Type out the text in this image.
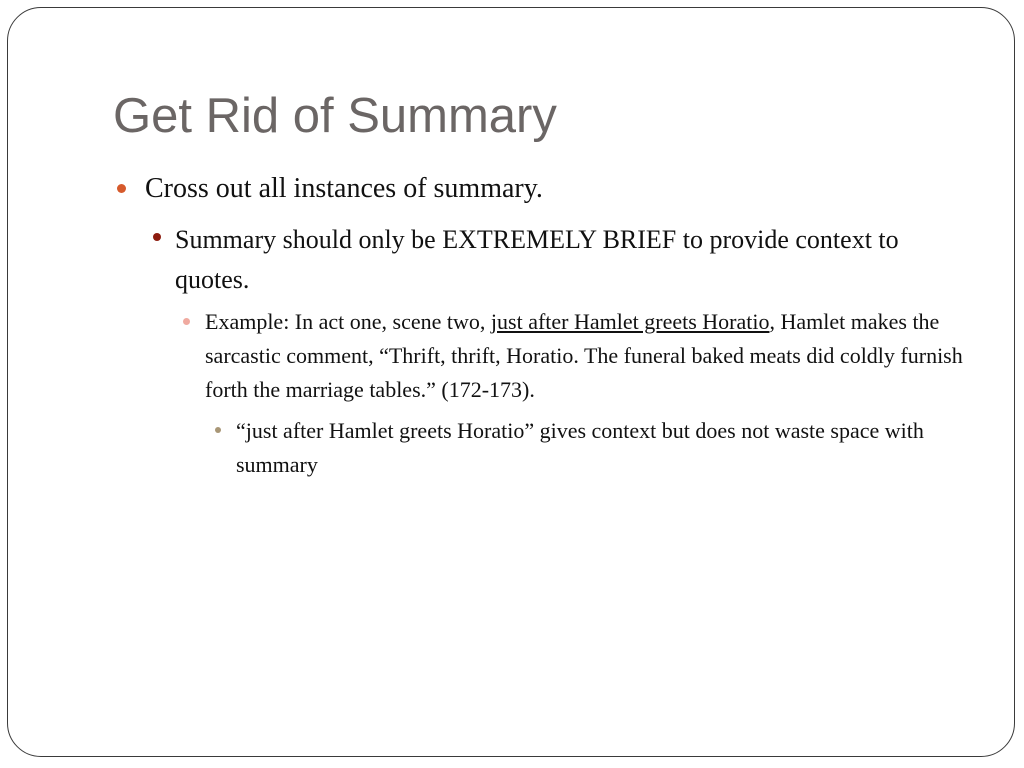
Get Rid of Summary
Cross out all instances of summary.
Summary should only be EXTREMELY BRIEF to provide context to quotes.
Example: In act one, scene two, just after Hamlet greets Horatio, Hamlet makes the sarcastic comment, “Thrift, thrift, Horatio. The funeral baked meats did coldly furnish forth the marriage tables.” (172-173).
“just after Hamlet greets Horatio” gives context but does not waste space with summary
